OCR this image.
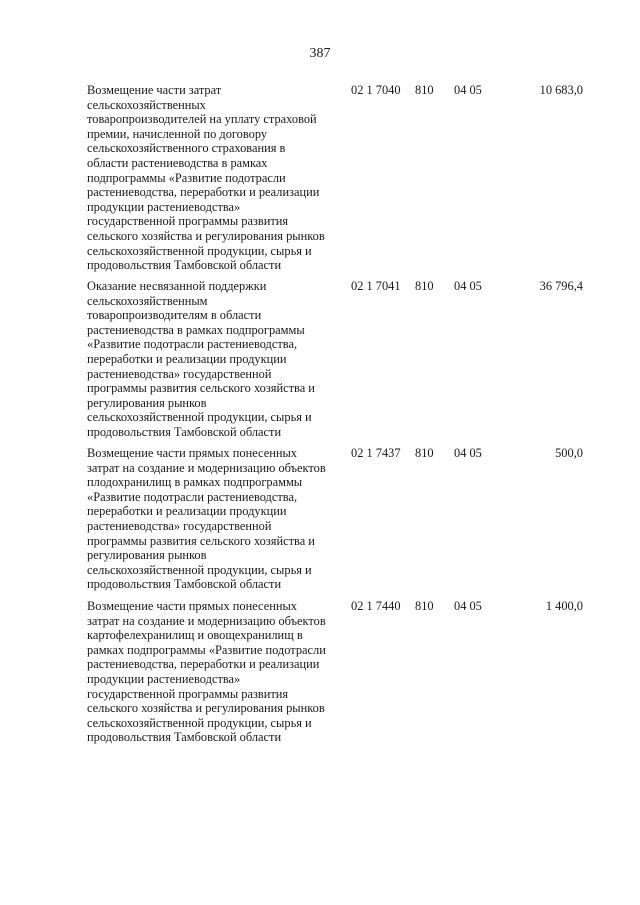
387
Возмещение части затрат
сельскохозяйственных
товаропроизводителей на уплату страховой
премии, начисленной по договору
сельскохозяйственного страхования в
области растениеводства в рамках
подпрограммы «Развитие подотрасли
растениеводства, переработки и реализации
продукции растениеводства»
государственной программы развития
сельского хозяйства и регулирования рынков
сельскохозяйственной продукции, сырья и
продовольствия Тамбовской области
02 1 7040 810 04 05	10 683,0
Оказание несвязанной поддержки
сельскохозяйственным
товаропроизводителям в области
растениеводства в рамках подпрограммы
«Развитие подотрасли растениеводства,
переработки и реализации продукции
растениеводства» государственной
программы развития сельского хозяйства и
регулирования рынков
сельскохозяйственной продукции, сырья и
продовольствия Тамбовской области
02 1 7041 810 04 05	36 796,4
Возмещение части прямых понесенных
затрат на создание и модернизацию объектов
плодохранилищ в рамках подпрограммы
«Развитие подотрасли растениеводства,
переработки и реализации продукции
растениеводства» государственной
программы развития сельского хозяйства и
регулирования рынков
сельскохозяйственной продукции, сырья и
продовольствия Тамбовской области
02 1 7437 810 04 05	500,0
Возмещение части прямых понесенных
затрат на создание и модернизацию объектов
картофелехранилищ и овощехранилищ в
рамках подпрограммы «Развитие подотрасли
растениеводства, переработки и реализации
продукции растениеводства»
государственной программы развития
сельского хозяйства и регулирования рынков
сельскохозяйственной продукции, сырья и
продовольствия Тамбовской области
02 1 7440 810 04 05	1 400,0
